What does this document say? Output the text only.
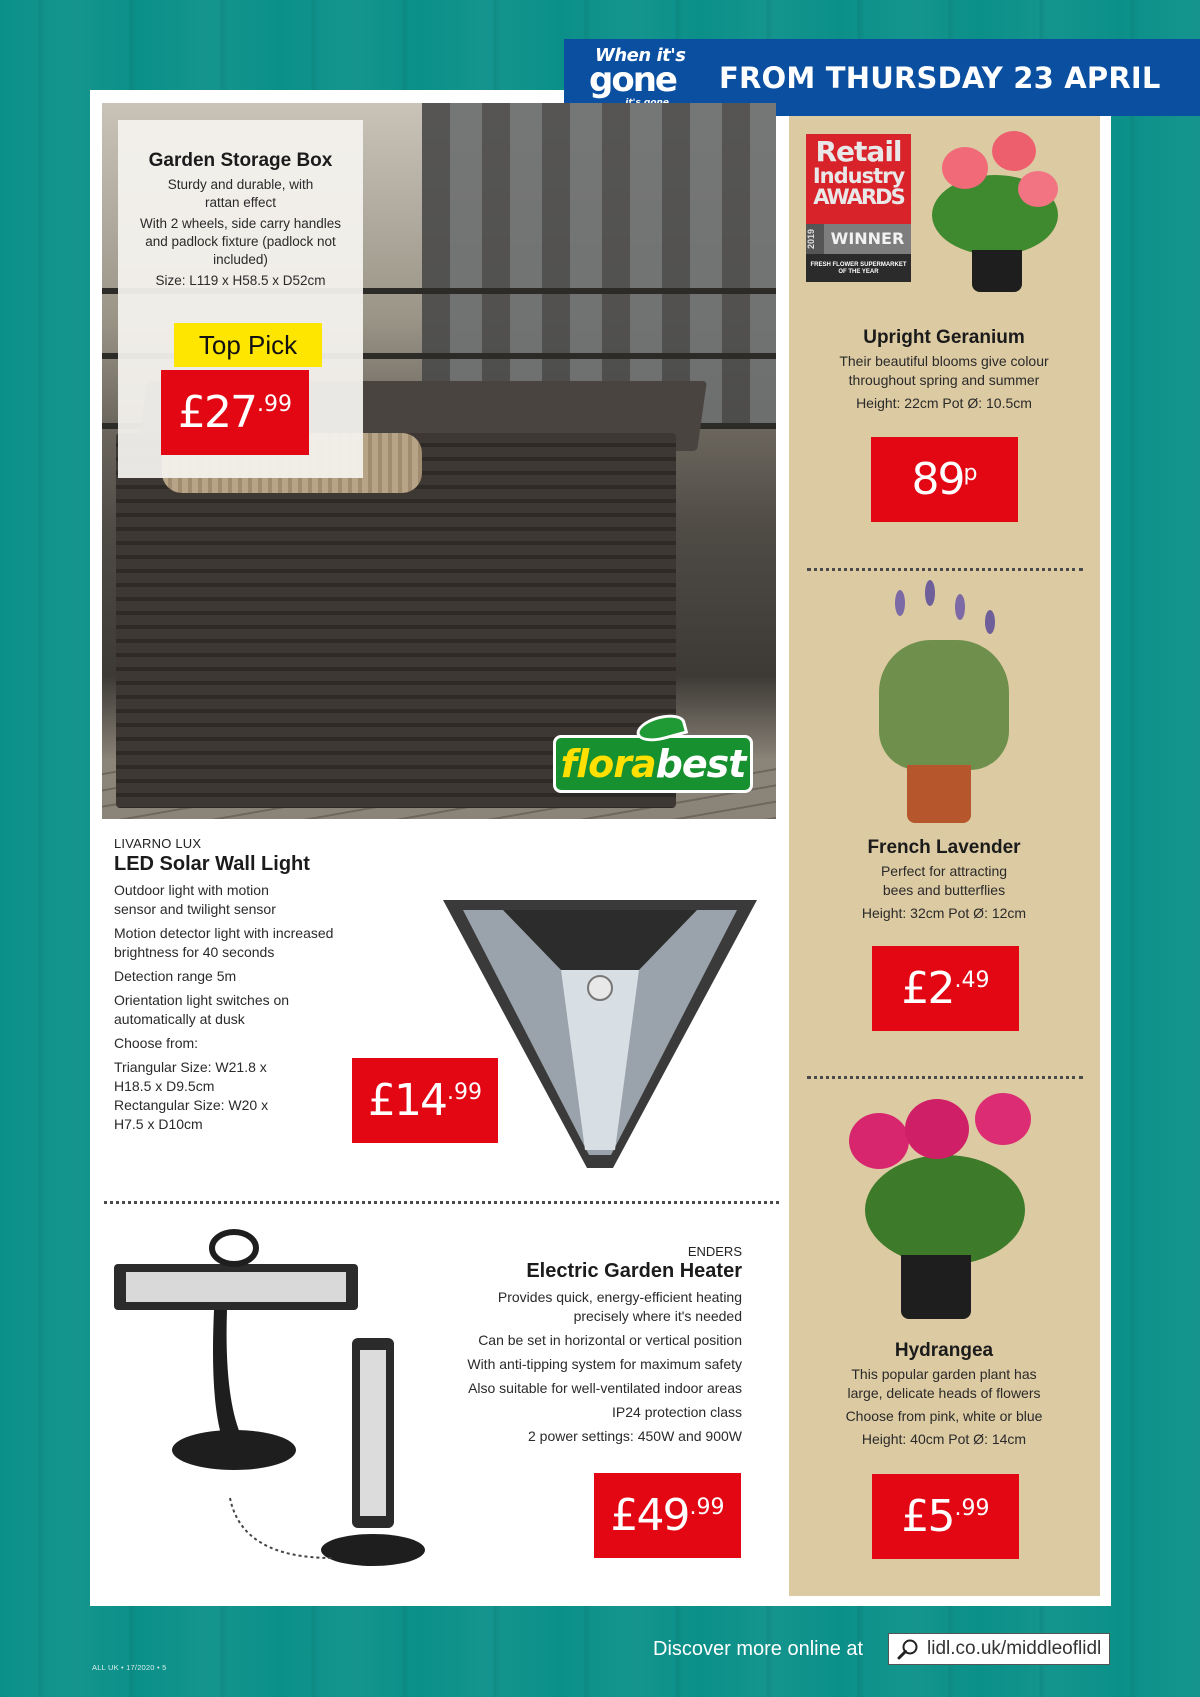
When it's
gone FROM THURSDAY 23 APRIL
Garden Storage Box

Sturdy and durable, with rattan effect

With 2 wheels, side carry handles and padlock fixture (padlock not included)

Size: L119 x H58.5 x D52cm

Top Pick
£27 .99
flora best
Retail
Industry
AWARDS
2019 WINNER
FRESH FLOWER SUPERMARKET OF THE YEAR
Upright Geranium

Their beautiful blooms give colour throughout spring and summer

Height: 22cm Pot Ø: 10.5cm

89 p
French Lavender

Perfect for attracting bees and butterflies

Height: 32cm Pot Ø: 12cm

£2 .49
Hydrangea

This popular garden plant has large, delicate heads of flowers

Choose from pink, white or blue

Height: 40cm Pot Ø: 14cm

£5 .99
LIVARNO LUX
LED Solar Wall Light

Outdoor light with motion sensor and twilight sensor

Motion detector light with increased brightness for 40 seconds

Detection range 5m

Orientation light switches on automatically at dusk

Choose from:

Triangular Size: W21.8 x H18.5 x D9.5cm Rectangular Size: W20 x H7.5 x D10cm	£14 .99
ENDERS
Electric Garden Heater

Provides quick, energy-efficient heating precisely where it's needed

Can be set in horizontal or vertical position

With anti-tipping system for maximum safety

Also suitable for well-ventilated indoor areas

IP24 protection class

2 power settings: 450W and 900W

£49 .99
ALL UK • 17/2020 • 5
Discover more online at	lidl.co.uk/middleoflidl
